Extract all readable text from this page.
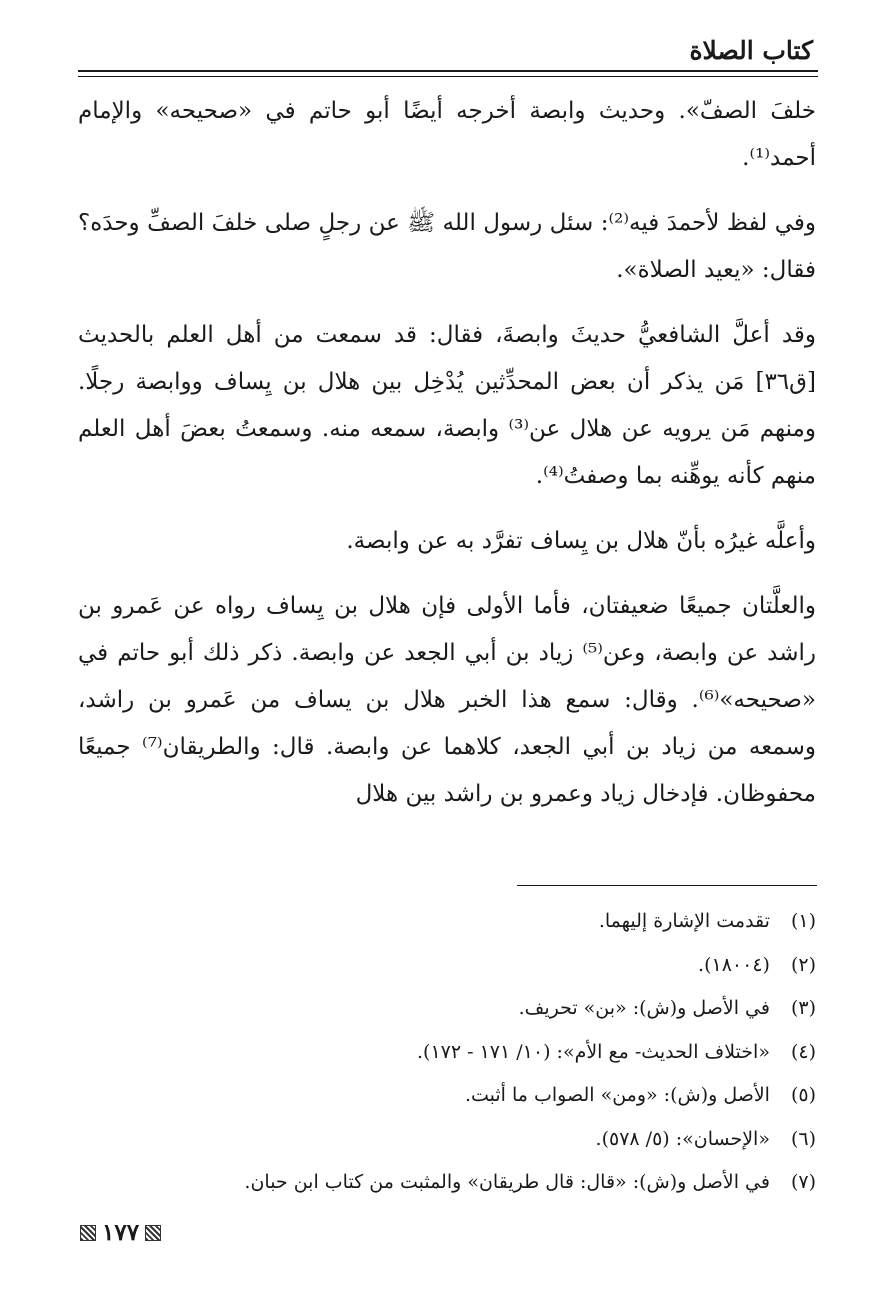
كتاب الصلاة

خلفَ الصفّ». وحديث وابصة أخرجه أيضًا أبو حاتم في «صحيحه» والإمام أحمد⁽¹⁾.

وفي لفظ لأحمدَ فيه⁽²⁾: سئل رسول الله ﷺ عن رجلٍ صلى خلفَ الصفِّ وحدَه؟ فقال: «يعيد الصلاة».

وقد أعلَّ الشافعيُّ حديثَ وابصةَ، فقال: قد سمعت من أهل العلم بالحديث [ق٣٦] مَن يذكر أن بعض المحدِّثين يُدْخِل بين هلال بن يِساف ووابصة رجلًا. ومنهم مَن يرويه عن هلال عن⁽³⁾ وابصة، سمعه منه. وسمعتُ بعضَ أهل العلم منهم كأنه يوهِّنه بما وصفتُ⁽⁴⁾.

وأعلَّه غيرُه بأنّ هلال بن يِساف تفرَّد به عن وابصة.

والعلَّتان جميعًا ضعيفتان، فأما الأولى فإن هلال بن يِساف رواه عن عَمرو بن راشد عن وابصة، وعن⁽⁵⁾ زياد بن أبي الجعد عن وابصة. ذكر ذلك أبو حاتم في «صحيحه»⁽⁶⁾. وقال: سمع هذا الخبر هلال بن يساف من عَمرو بن راشد، وسمعه من زياد بن أبي الجعد، كلاهما عن وابصة. قال: والطريقان⁽⁷⁾ جميعًا محفوظان. فإدخال زياد وعمرو بن راشد بين هلال

(١) تقدمت الإشارة إليهما.
(٢) (١٨٠٠٤).
(٣) في الأصل و(ش): «بن» تحريف.
(٤) «اختلاف الحديث- مع الأم»: (١٠/ ١٧١ - ١٧٢).
(٥) الأصل و(ش): «ومن» الصواب ما أثبت.
(٦) «الإحسان»: (٥/ ٥٧٨).
(٧) في الأصل و(ش): «قال: قال طريقان» والمثبت من كتاب ابن حبان.
١٧٧
